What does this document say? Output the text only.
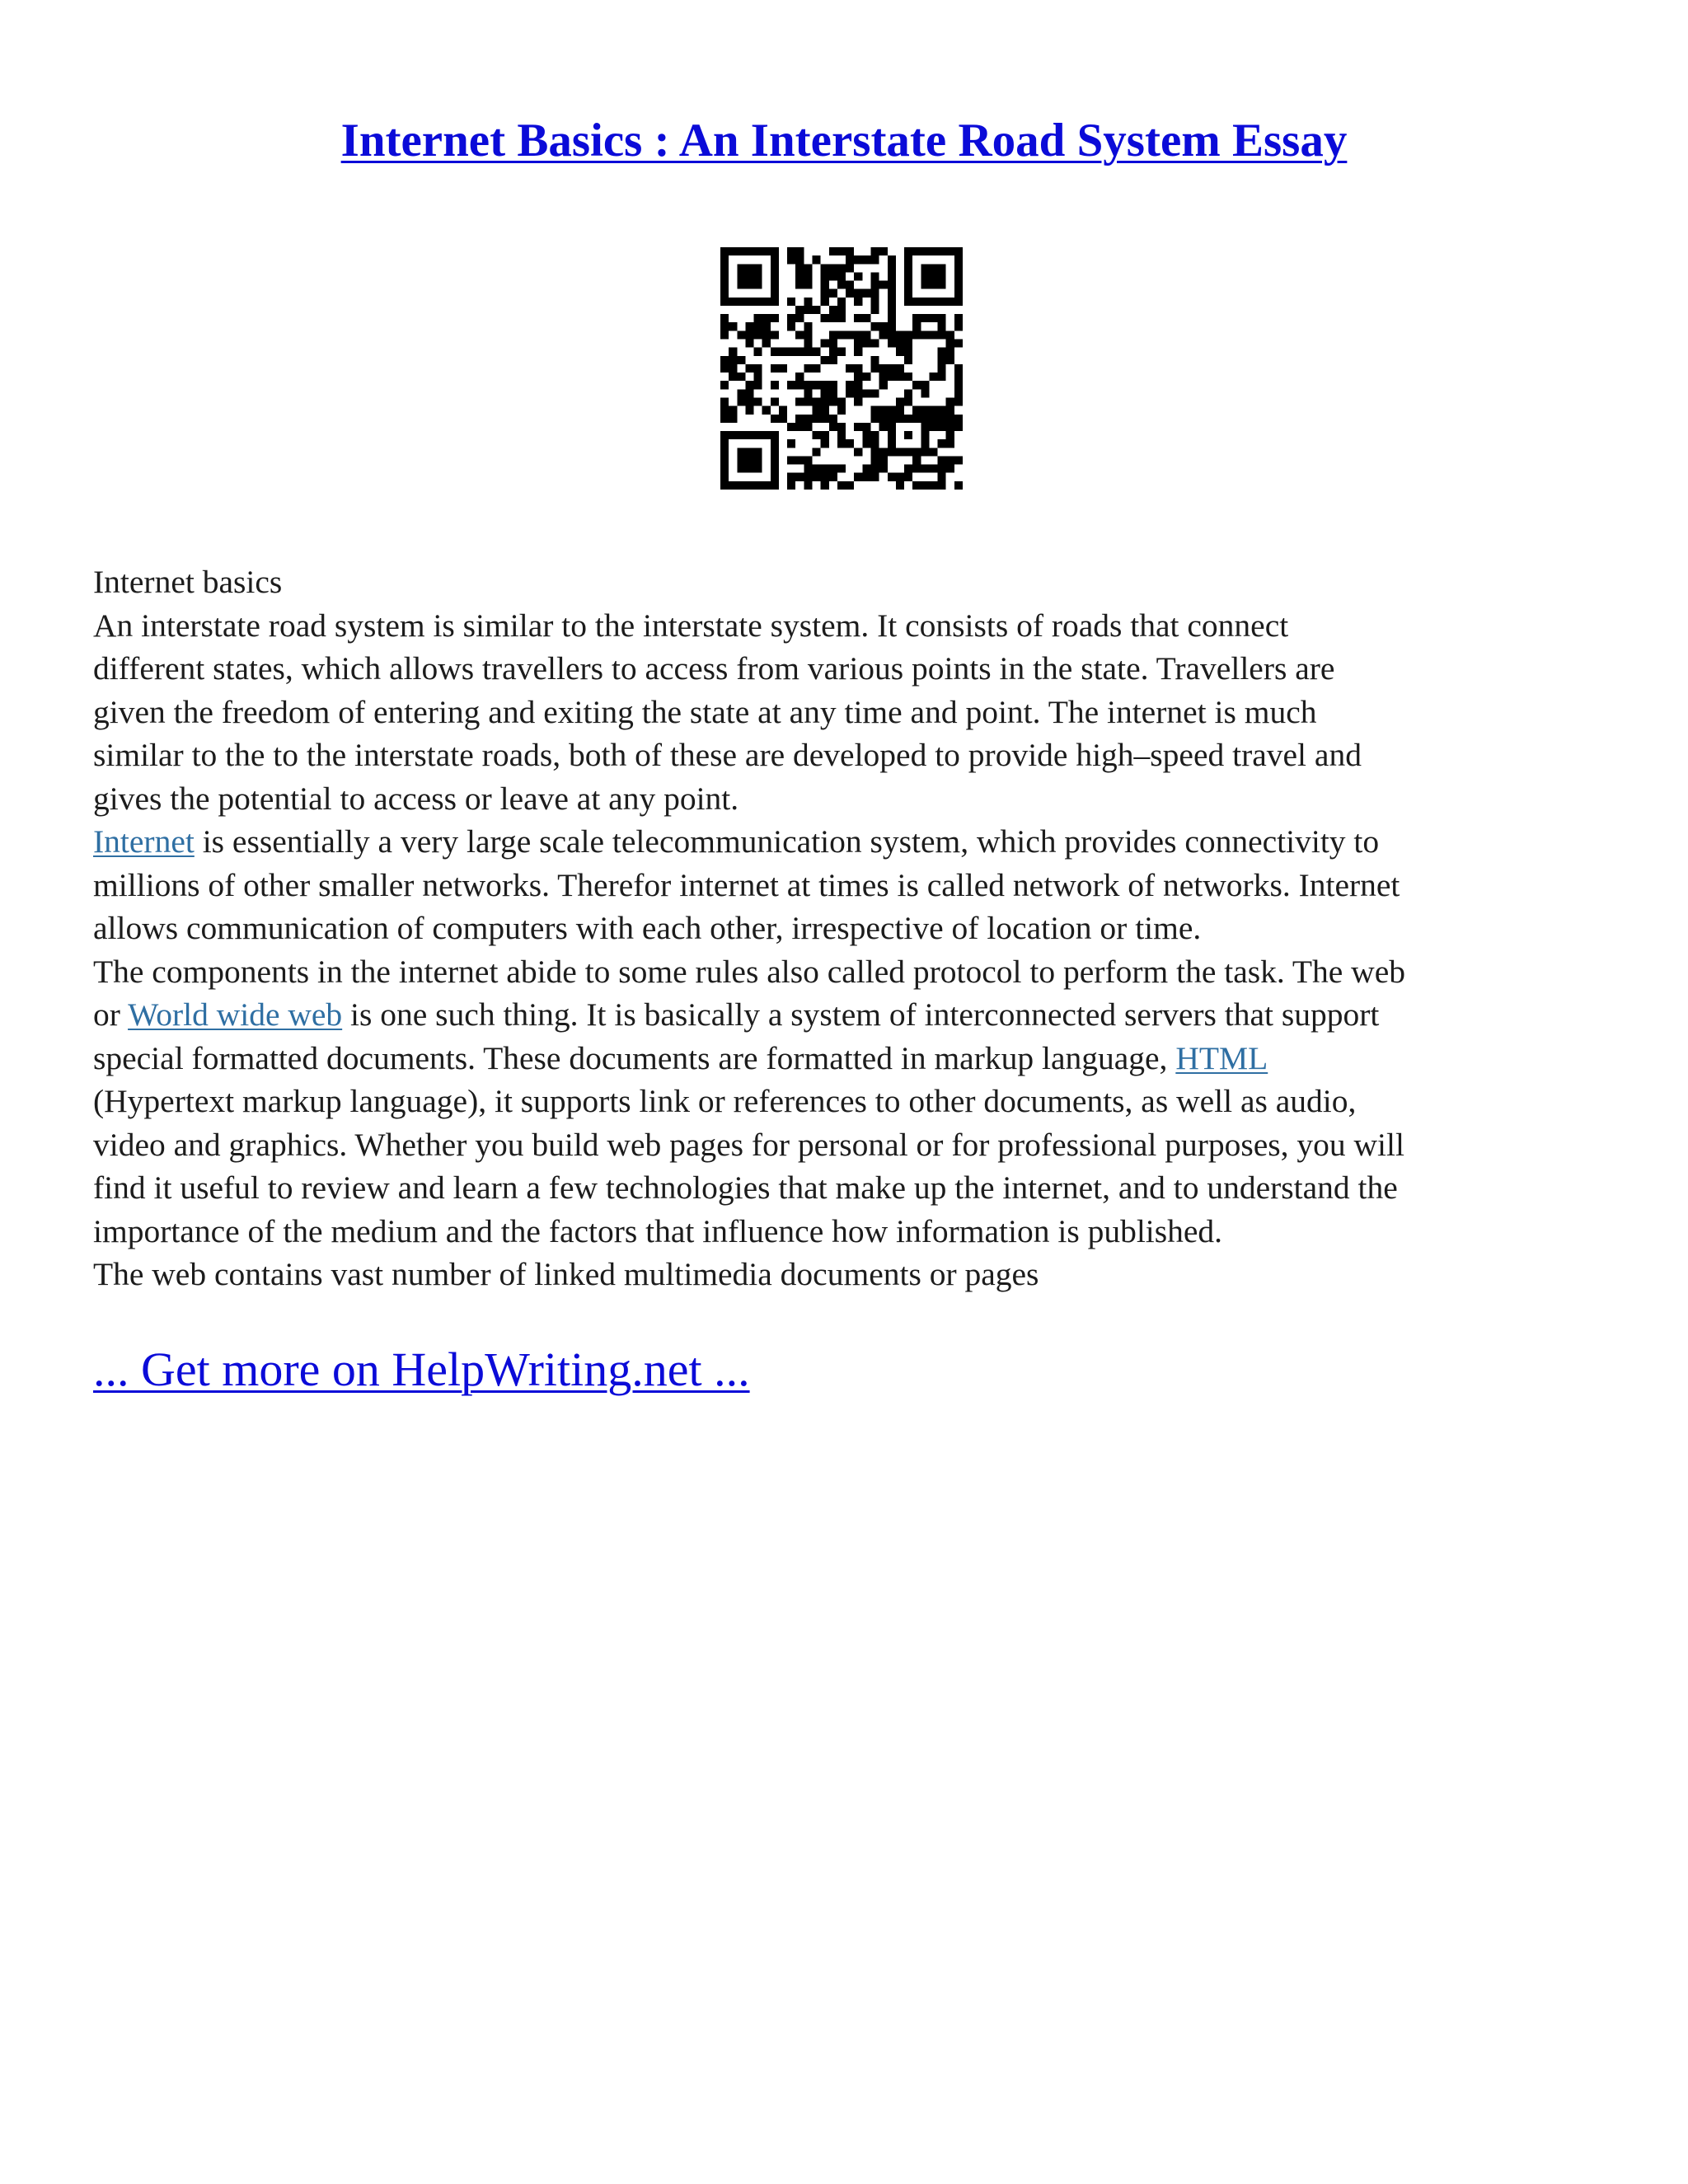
Internet Basics : An Interstate Road System Essay
Internet basics
An interstate road system is similar to the interstate system. It consists of roads that connect
different states, which allows travellers to access from various points in the state. Travellers are
given the freedom of entering and exiting the state at any time and point. The internet is much
similar to the to the interstate roads, both of these are developed to provide high–speed travel and
gives the potential to access or leave at any point.
Internet is essentially a very large scale telecommunication system, which provides connectivity to
millions of other smaller networks. Therefor internet at times is called network of networks. Internet
allows communication of computers with each other, irrespective of location or time.
The components in the internet abide to some rules also called protocol to perform the task. The web
or World wide web is one such thing. It is basically a system of interconnected servers that support
special formatted documents. These documents are formatted in markup language, HTML
(Hypertext markup language), it supports link or references to other documents, as well as audio,
video and graphics. Whether you build web pages for personal or for professional purposes, you will
find it useful to review and learn a few technologies that make up the internet, and to understand the
importance of the medium and the factors that influence how information is published.
The web contains vast number of linked multimedia documents or pages
... Get more on HelpWriting.net ...
